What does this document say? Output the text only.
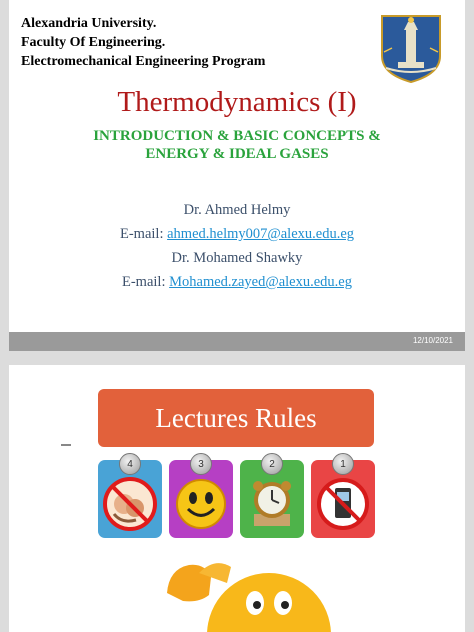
Alexandria University.
Faculty Of Engineering.
Electromechanical Engineering Program
Thermodynamics (I)
INTRODUCTION & BASIC CONCEPTS &
ENERGY & IDEAL GASES
Dr. Ahmed Helmy
E-mail: ahmed.helmy007@alexu.edu.eg
Dr. Mohamed Shawky
E-mail: Mohamed.zayed@alexu.edu.eg
12/10/2021
Lectures Rules
4	3	2	1
